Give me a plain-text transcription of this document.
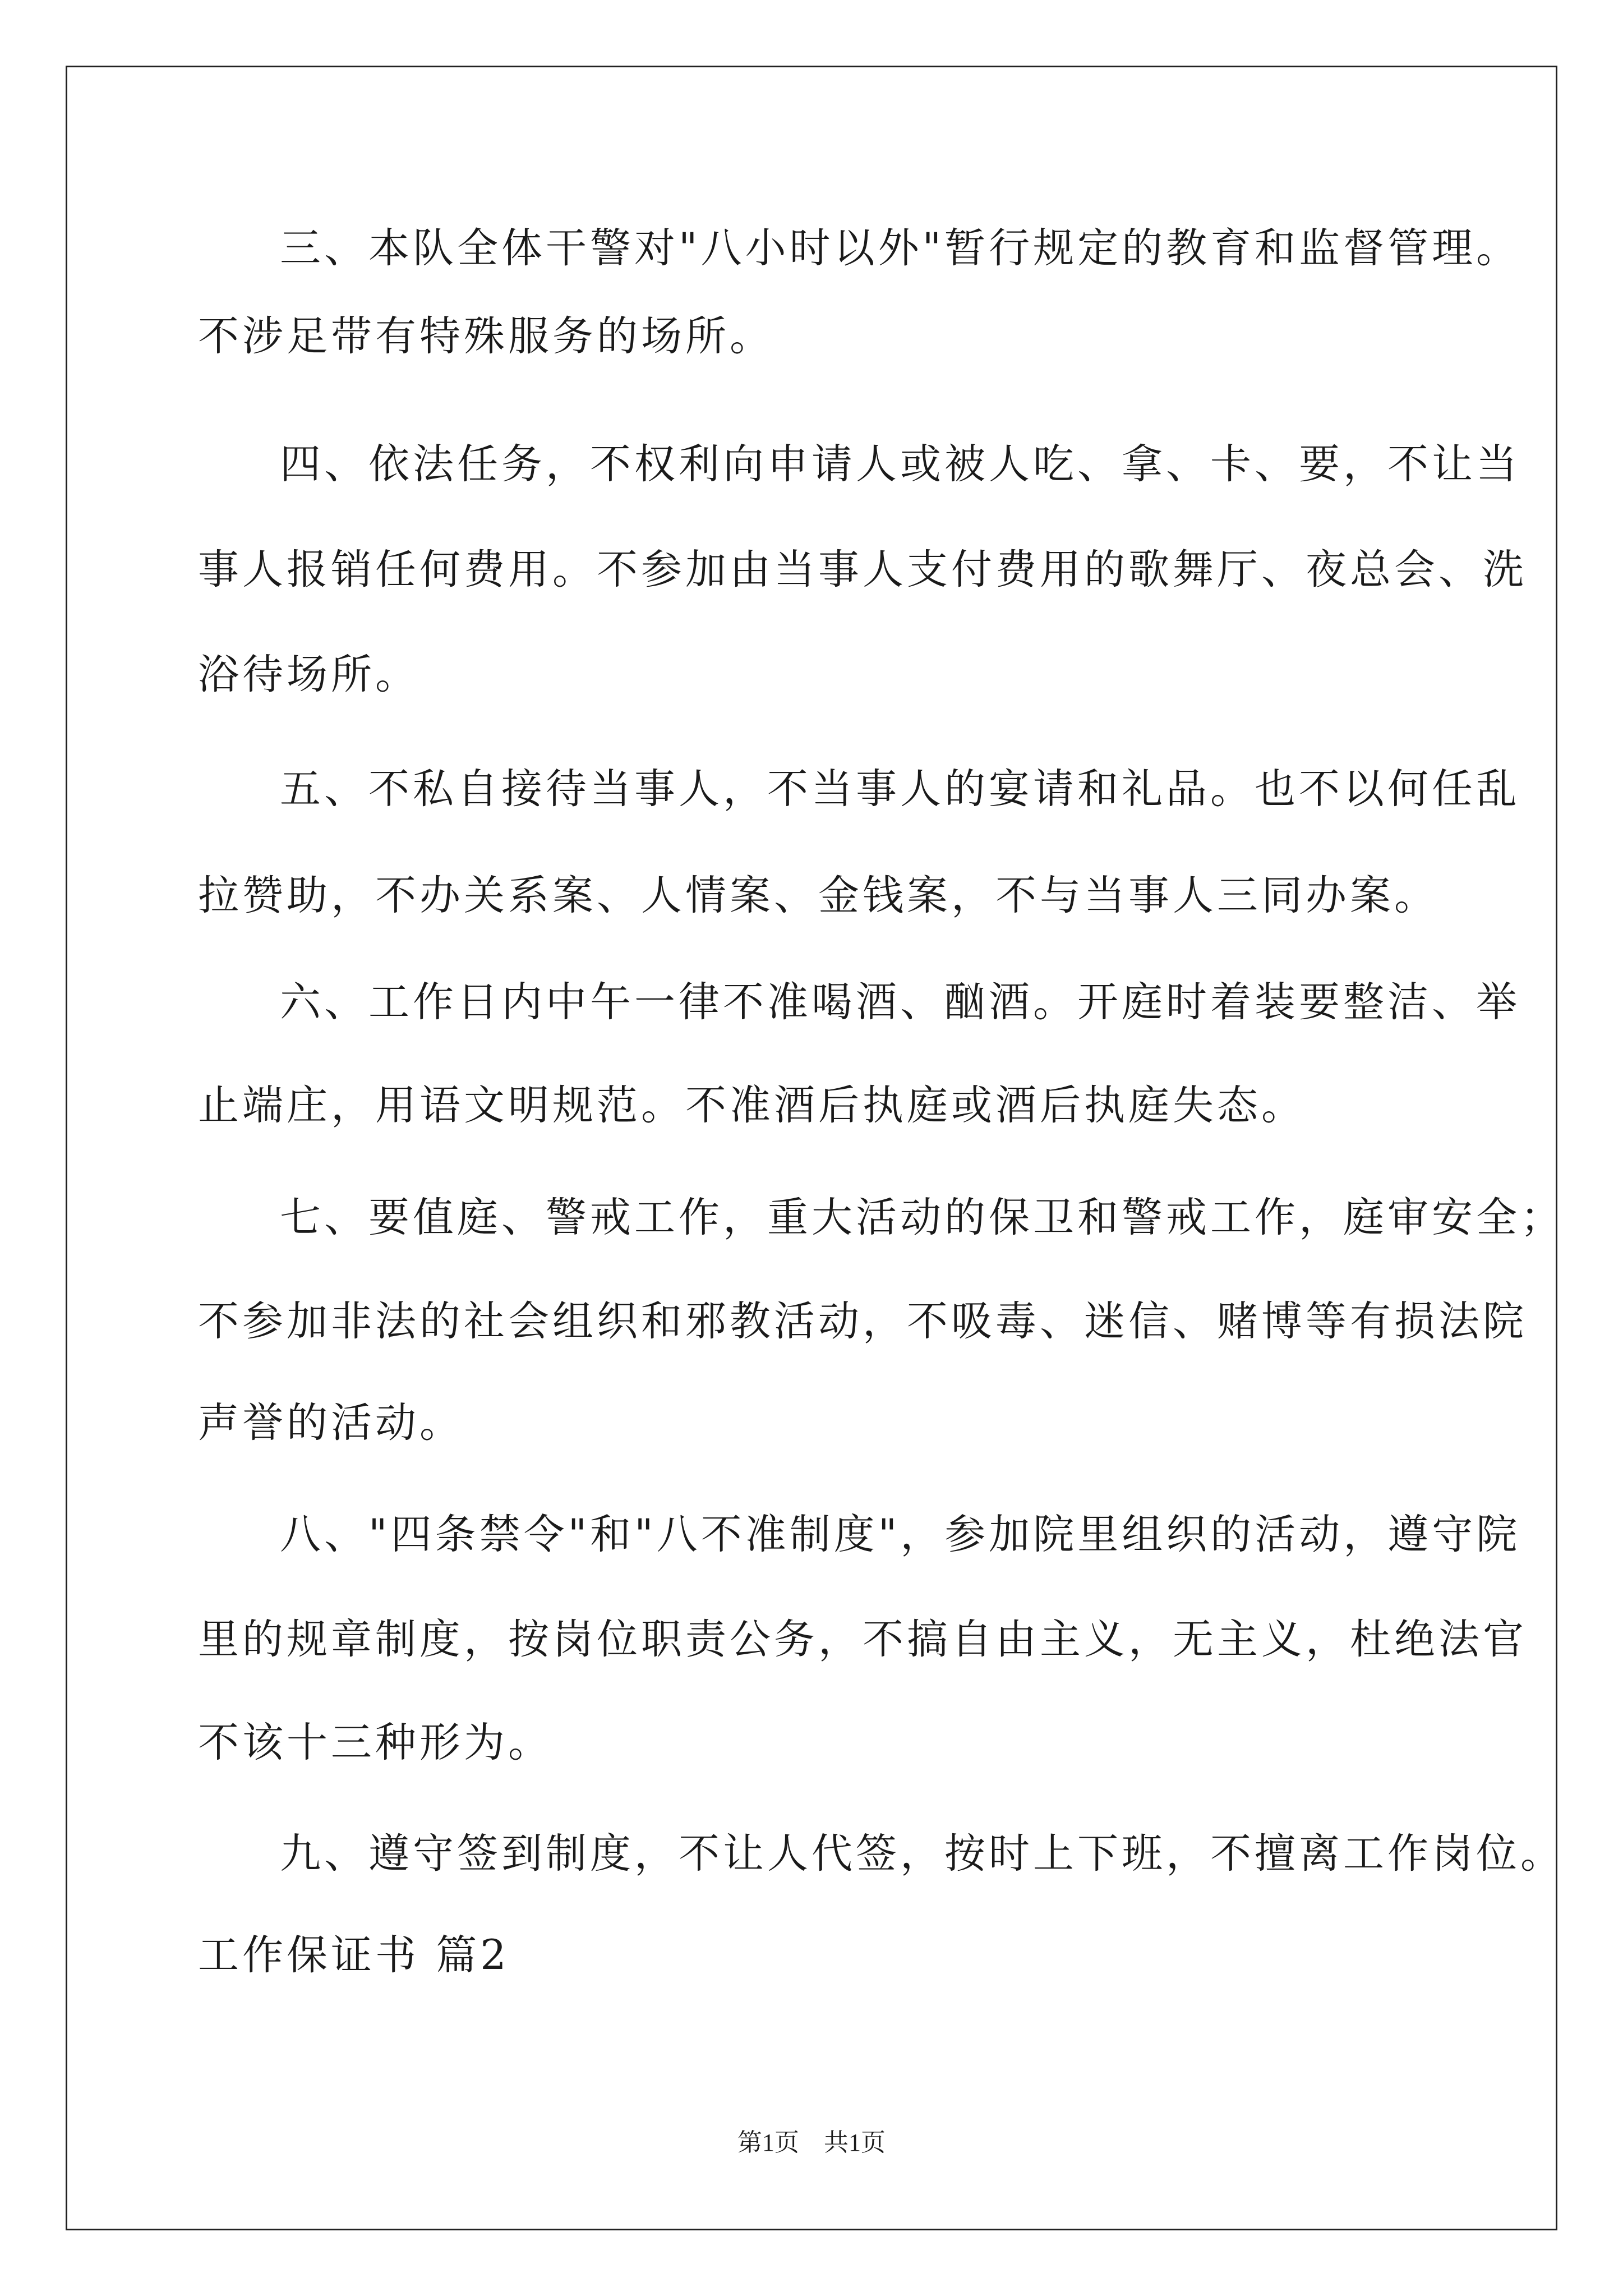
三、本队全体干警对"八小时以外"暂行规定的教育和监督管理。
不涉足带有特殊服务的场所。
四、依法任务，不权利向申请人或被人吃、拿、卡、要，不让当
事人报销任何费用。不参加由当事人支付费用的歌舞厅、夜总会、洗
浴待场所。
五、不私自接待当事人，不当事人的宴请和礼品。也不以何任乱
拉赞助，不办关系案、人情案、金钱案，不与当事人三同办案。
六、工作日内中午一律不准喝酒、酗酒。开庭时着装要整洁、举
止端庄，用语文明规范。不准酒后执庭或酒后执庭失态。
七、要值庭、警戒工作，重大活动的保卫和警戒工作，庭审安全；
不参加非法的社会组织和邪教活动，不吸毒、迷信、赌博等有损法院
声誉的活动。
八、"四条禁令"和"八不准制度"，参加院里组织的活动，遵守院
里的规章制度，按岗位职责公务，不搞自由主义，无主义，杜绝法官
不该十三种形为。
九、遵守签到制度，不让人代签，按时上下班，不擅离工作岗位。
工作保证书 篇2
第1页 共1页
